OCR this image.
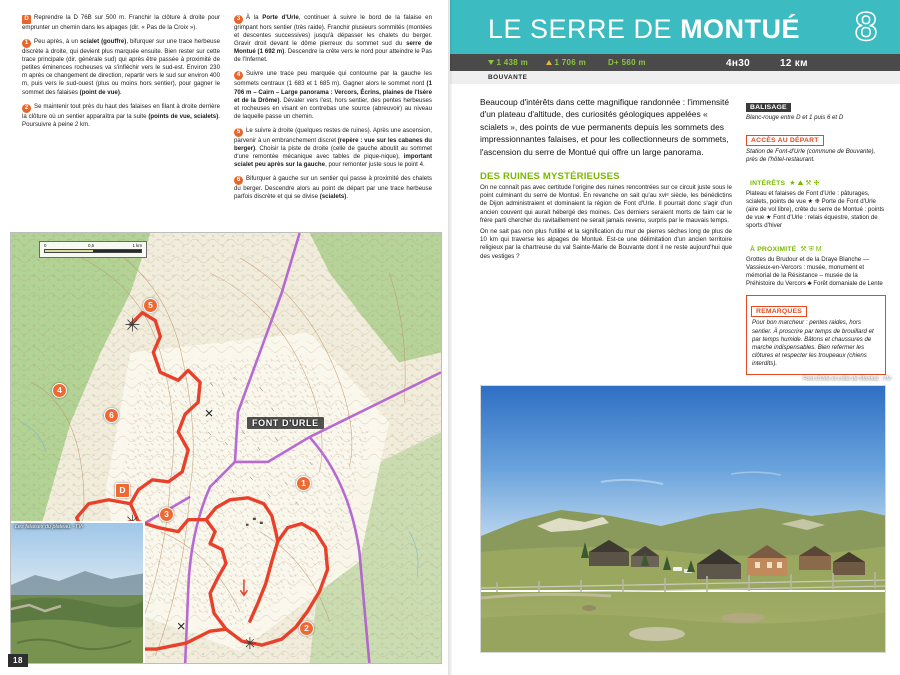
D Reprendre la D 76B sur 500 m. Franchir la clôture à droite pour emprunter un chemin dans les alpages (dir. « Pas de la Croix »).
1 Peu après, à un scialet (gouffre), bifurquer sur une trace herbeuse discrète à droite, qui devient plus marquée ensuite. Bien rester sur cette trace principale (dir. générale sud) qui après être passée à proximité de petites éminences rocheuses va s'infléchir vers le sud-est. Environ 230 m après ce changement de direction, repartir vers le sud sur environ 400 m, puis vers le sud-ouest (plus ou moins hors sentier), pour gagner le sommet des falaises (point de vue).
2 Se maintenir tout près du haut des falaises en filant à droite derrière la clôture où un sentier apparaîtra par la suite (points de vue, scialets). Poursuivre à peine 2 km.
3 À la Porte d'Urle, continuer à suivre le bord de la falaise en grimpant hors sentier (très raide). Franchir plusieurs sommités (montées et descentes successives) jusqu'à dépasser les chalets du berger. Gravir droit devant le dôme pierreux du sommet sud du serre de Montué (1 692 m). Descendre la crête vers le nord pour atteindre le Pas de l'Infernet.
4 Suivre une trace peu marquée qui contourne par la gauche les sommets centraux (1 683 et 1 685 m). Gagner alors le sommet nord (1 706 m – Cairn – Large panorama : Vercors, Écrins, plaines de l'Isère et de la Drôme). Dévaler vers l'est, hors sentier, des pentes herbeuses et rocheuses en visant en contrebas une source (abreuvoir) au niveau de laquelle passe un chemin.
5 Le suivre à droite (quelques restes de ruines). Après une ascension, parvenir à un embranchement discret (repère : vue sur les cabanes du berger). Choisir la piste de droite (celle de gauche aboutit au sommet d'une remontée mécanique avec tables de pique-nique), important scialet peu après sur la gauche, pour remonter juste sous le point 4.
6 Bifurquer à gauche sur un sentier qui passe à proximité des chalets du berger. Descendre alors au point de départ par une trace herbeuse parfois discrète et qui se divise (scialets).
0	0,5	1 km
FONT D'URLE
D
1
2
3
4
5
6
Les falaises du plateau. -TV-
18
LE SERRE DE MONTUÉ 8
1 438 m	1 706 m	D+ 560 m	4н30	12 км
BOUVANTE
Beaucoup d'intérêts dans cette magnifique randonnée : l'immensité d'un plateau d'altitude, des curiosités géologiques appelées « scialets », des points de vue permanents depuis les sommets des impressionnantes falaises, et pour les collectionneurs de sommets, l'ascension du serre de Montué qui offre un large panorama.
DES RUINES MYSTÉRIEUSES

On ne connaît pas avec certitude l'origine des ruines rencontrées sur ce circuit juste sous le point culminant du serre de Montué. En revanche on sait qu'au xviᵉ siècle, les bénédictins de Dijon administraient et dominaient la région de Font d'Urle. Il pourrait donc s'agir d'un ancien couvent qui aurait hébergé des moines. Ces derniers seraient morts de faim car le frère parti chercher du ravitaillement ne serait jamais revenu, surpris par le mauvais temps.

On ne sait pas non plus l'utilité et la signification du mur de pierres sèches long de plus de 10 km qui traverse les alpages de Montué. Est-ce une délimitation d'un ancien territoire religieux par la chartreuse du val Sainte-Marie de Bouvante dont il ne reste aujourd'hui que des vestiges ?

BALISAGE
Blanc-rouge entre D et 1 puis 6 et D
ACCÈS AU DÉPART
Station de Font-d'Urle (commune de Bouvante), près de l'hôtel-restaurant.
INTÉRÊTS ★ ⛰ ⚒ ❉
Plateau et falaises de Font d'Urle : pâturages, scialets, points de vue ★ ❉ Porte de Font d'Urle (aire de vol libre), crête du serre de Montué : points de vue ★ Font d'Urle : relais équestre, station de sports d'hiver
À PROXIMITÉ ⚒ ⛨ M
Grottes du Brudour et de la Draye Blanche — Vassieux-en-Vercors : musée, monument et mémorial de la Résistance – musée de la Préhistoire du Vercors ♣ Forêt domaniale de Lente
REMARQUES
Pour bon marcheur : pentes raides, hors sentier. À proscrire par temps de brouillard et par temps humide. Bâtons et chaussures de marche indispensables. Bien refermer les clôtures et respecter les troupeaux (chiens interdits).
Font d'Urle et crête de Montué. -TV-
